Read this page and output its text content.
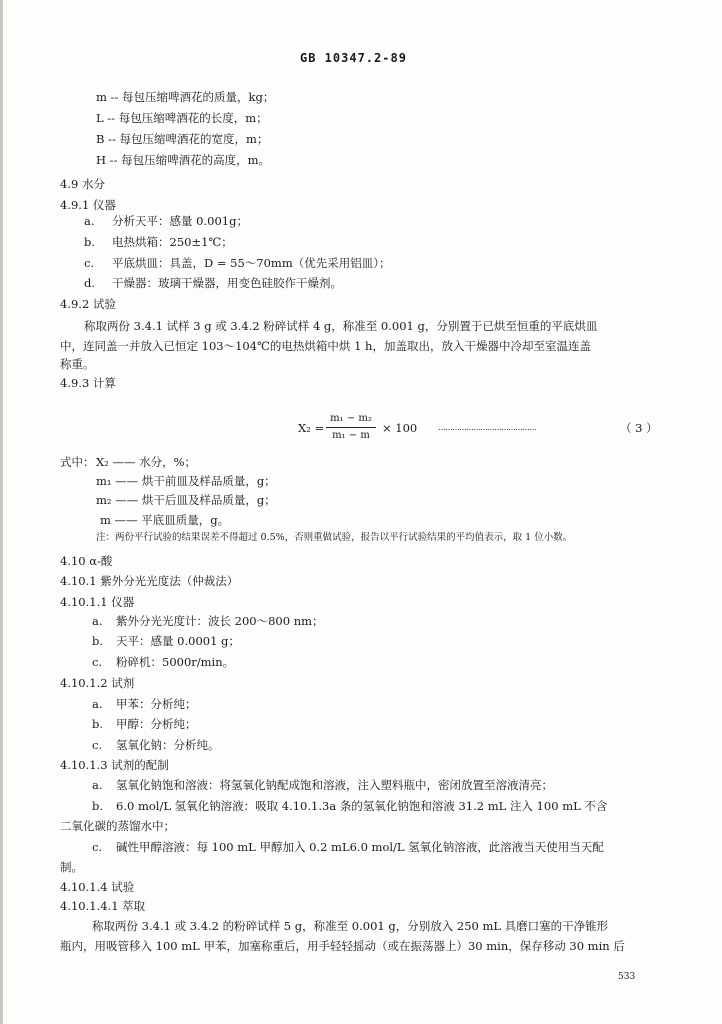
GB 10347.2-89
m -- 每包压缩啤酒花的质量，kg；
L -- 每包压缩啤酒花的长度，m；
B -- 每包压缩啤酒花的宽度，m；
H -- 每包压缩啤酒花的高度，m。
4.9 水分
4.9.1 仪器
a. 分析天平：感量 0.001g；
b. 电热烘箱：250±1℃；
c. 平底烘皿：具盖，D = 55～70mm（优先采用铝皿）；
d. 干燥器：玻璃干燥器，用变色硅胶作干燥剂。
4.9.2 试验
称取两份 3.4.1 试样 3 g 或 3.4.2 粉碎试样 4 g，称准至 0.001 g，分别置于已烘至恒重的平底烘皿
中，连同盖一并放入已恒定 103～104℃的电热烘箱中烘 1 h，加盖取出，放入干燥器中冷却至室温连盖
称重。
4.9.3 计算
X₂ =
m₁ − m₂
m₁ − m
× 100	……………………………………	（ 3 ）
式中： X₂ —— 水分，%；
m₁ —— 烘干前皿及样品质量，g；
m₂ —— 烘干后皿及样品质量，g；
m —— 平底皿质量，g。
注：两份平行试验的结果误差不得超过 0.5%，否则重做试验，报告以平行试验结果的平均值表示，取 1 位小数。
4.10 α-酸
4.10.1 紫外分光光度法（仲裁法）
4.10.1.1 仪器
a. 紫外分光光度计：波长 200～800 nm；
b. 天平：感量 0.0001 g；
c. 粉碎机：5000r/min。
4.10.1.2 试剂
a. 甲苯：分析纯；
b. 甲醇：分析纯；
c. 氢氧化钠：分析纯。
4.10.1.3 试剂的配制
a. 氢氧化钠饱和溶液：将氢氧化钠配成饱和溶液，注入塑料瓶中，密闭放置至溶液清亮；
b. 6.0 mol/L 氢氧化钠溶液：吸取 4.10.1.3a 条的氢氧化钠饱和溶液 31.2 mL 注入 100 mL 不含
二氧化碳的蒸馏水中；
c. 碱性甲醇溶液：每 100 mL 甲醇加入 0.2 mL6.0 mol/L 氢氧化钠溶液，此溶液当天使用当天配
制。
4.10.1.4 试验
4.10.1.4.1 萃取
称取两份 3.4.1 或 3.4.2 的粉碎试样 5 g，称准至 0.001 g，分别放入 250 mL 具磨口塞的干净锥形
瓶内，用吸管移入 100 mL 甲苯，加塞称重后，用手轻轻摇动（或在振荡器上）30 min，保存移动 30 min 后
533
